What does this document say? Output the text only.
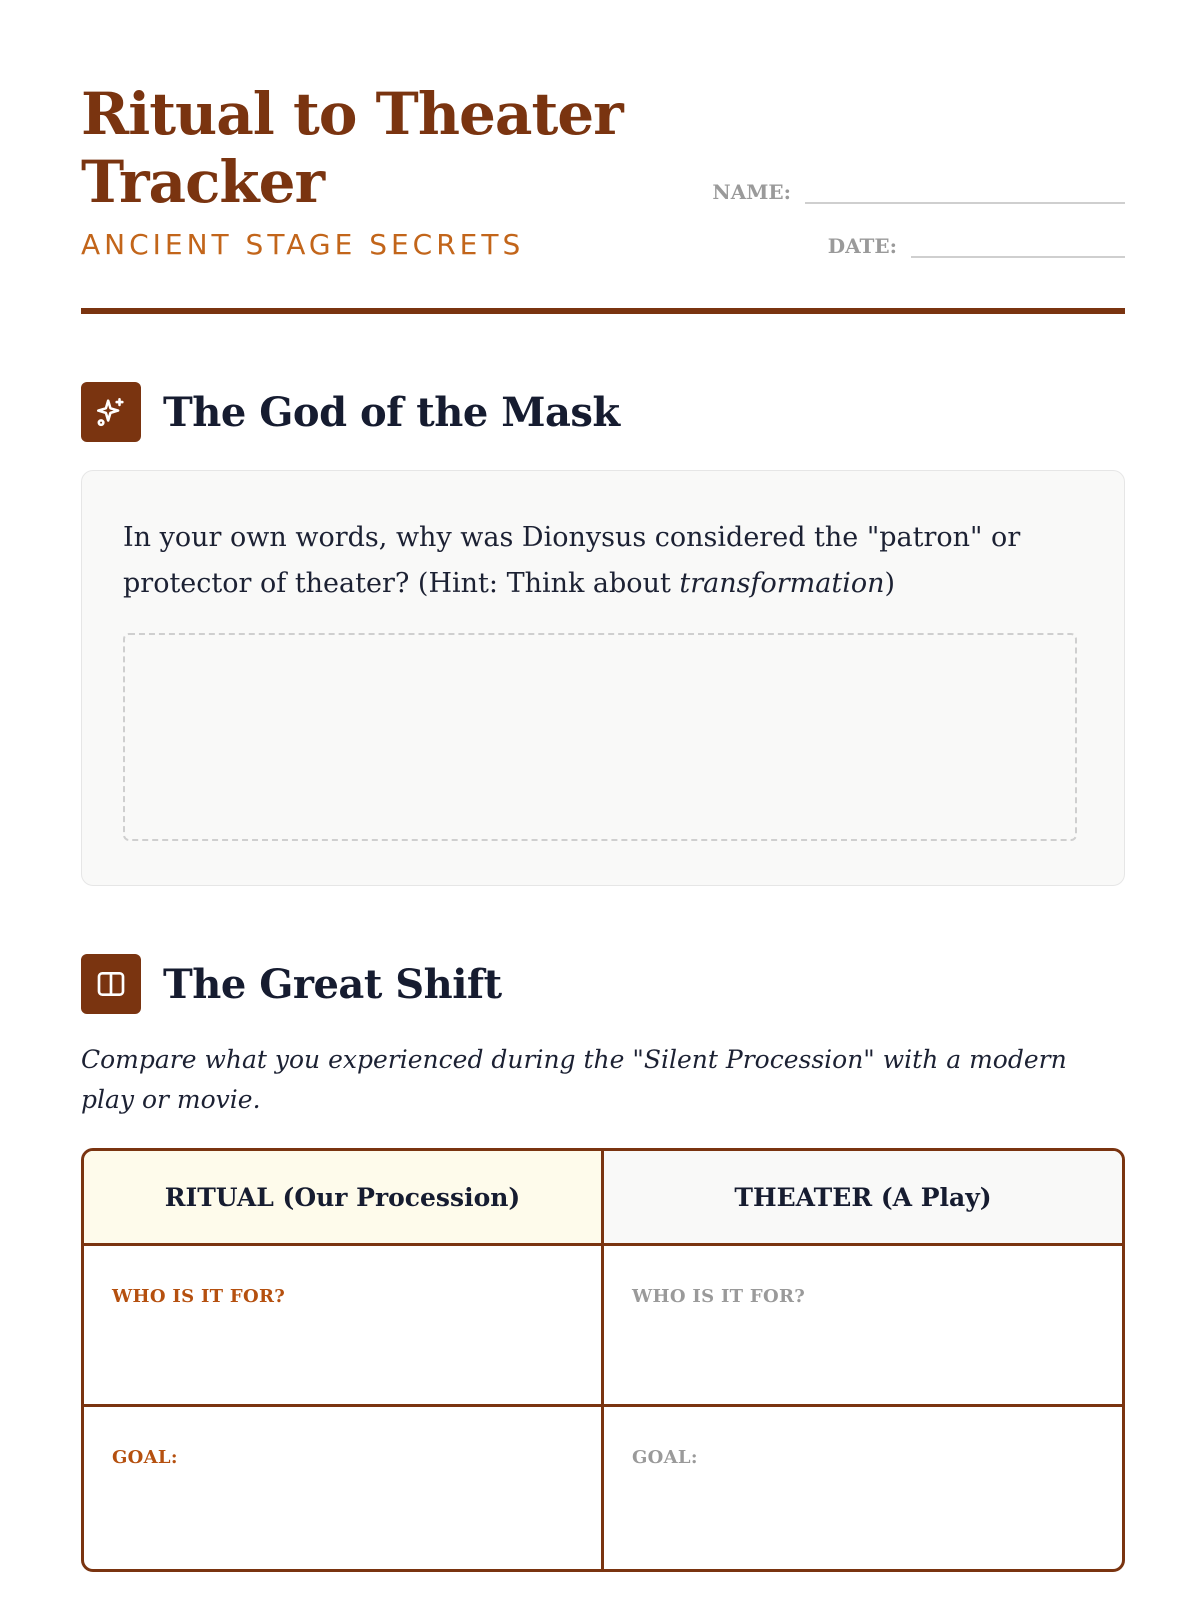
Ritual to Theater Tracker
ANCIENT STAGE SECRETS
NAME:
DATE:
The God of the Mask

In your own words, why was Dionysus considered the "patron" or protector of theater? (Hint: Think about transformation)

The Great Shift

Compare what you experienced during the "Silent Procession" with a modern play or movie.

RITUAL (Our Procession)	THEATER (A Play)
WHO IS IT FOR?	WHO IS IT FOR?
GOAL:	GOAL:
